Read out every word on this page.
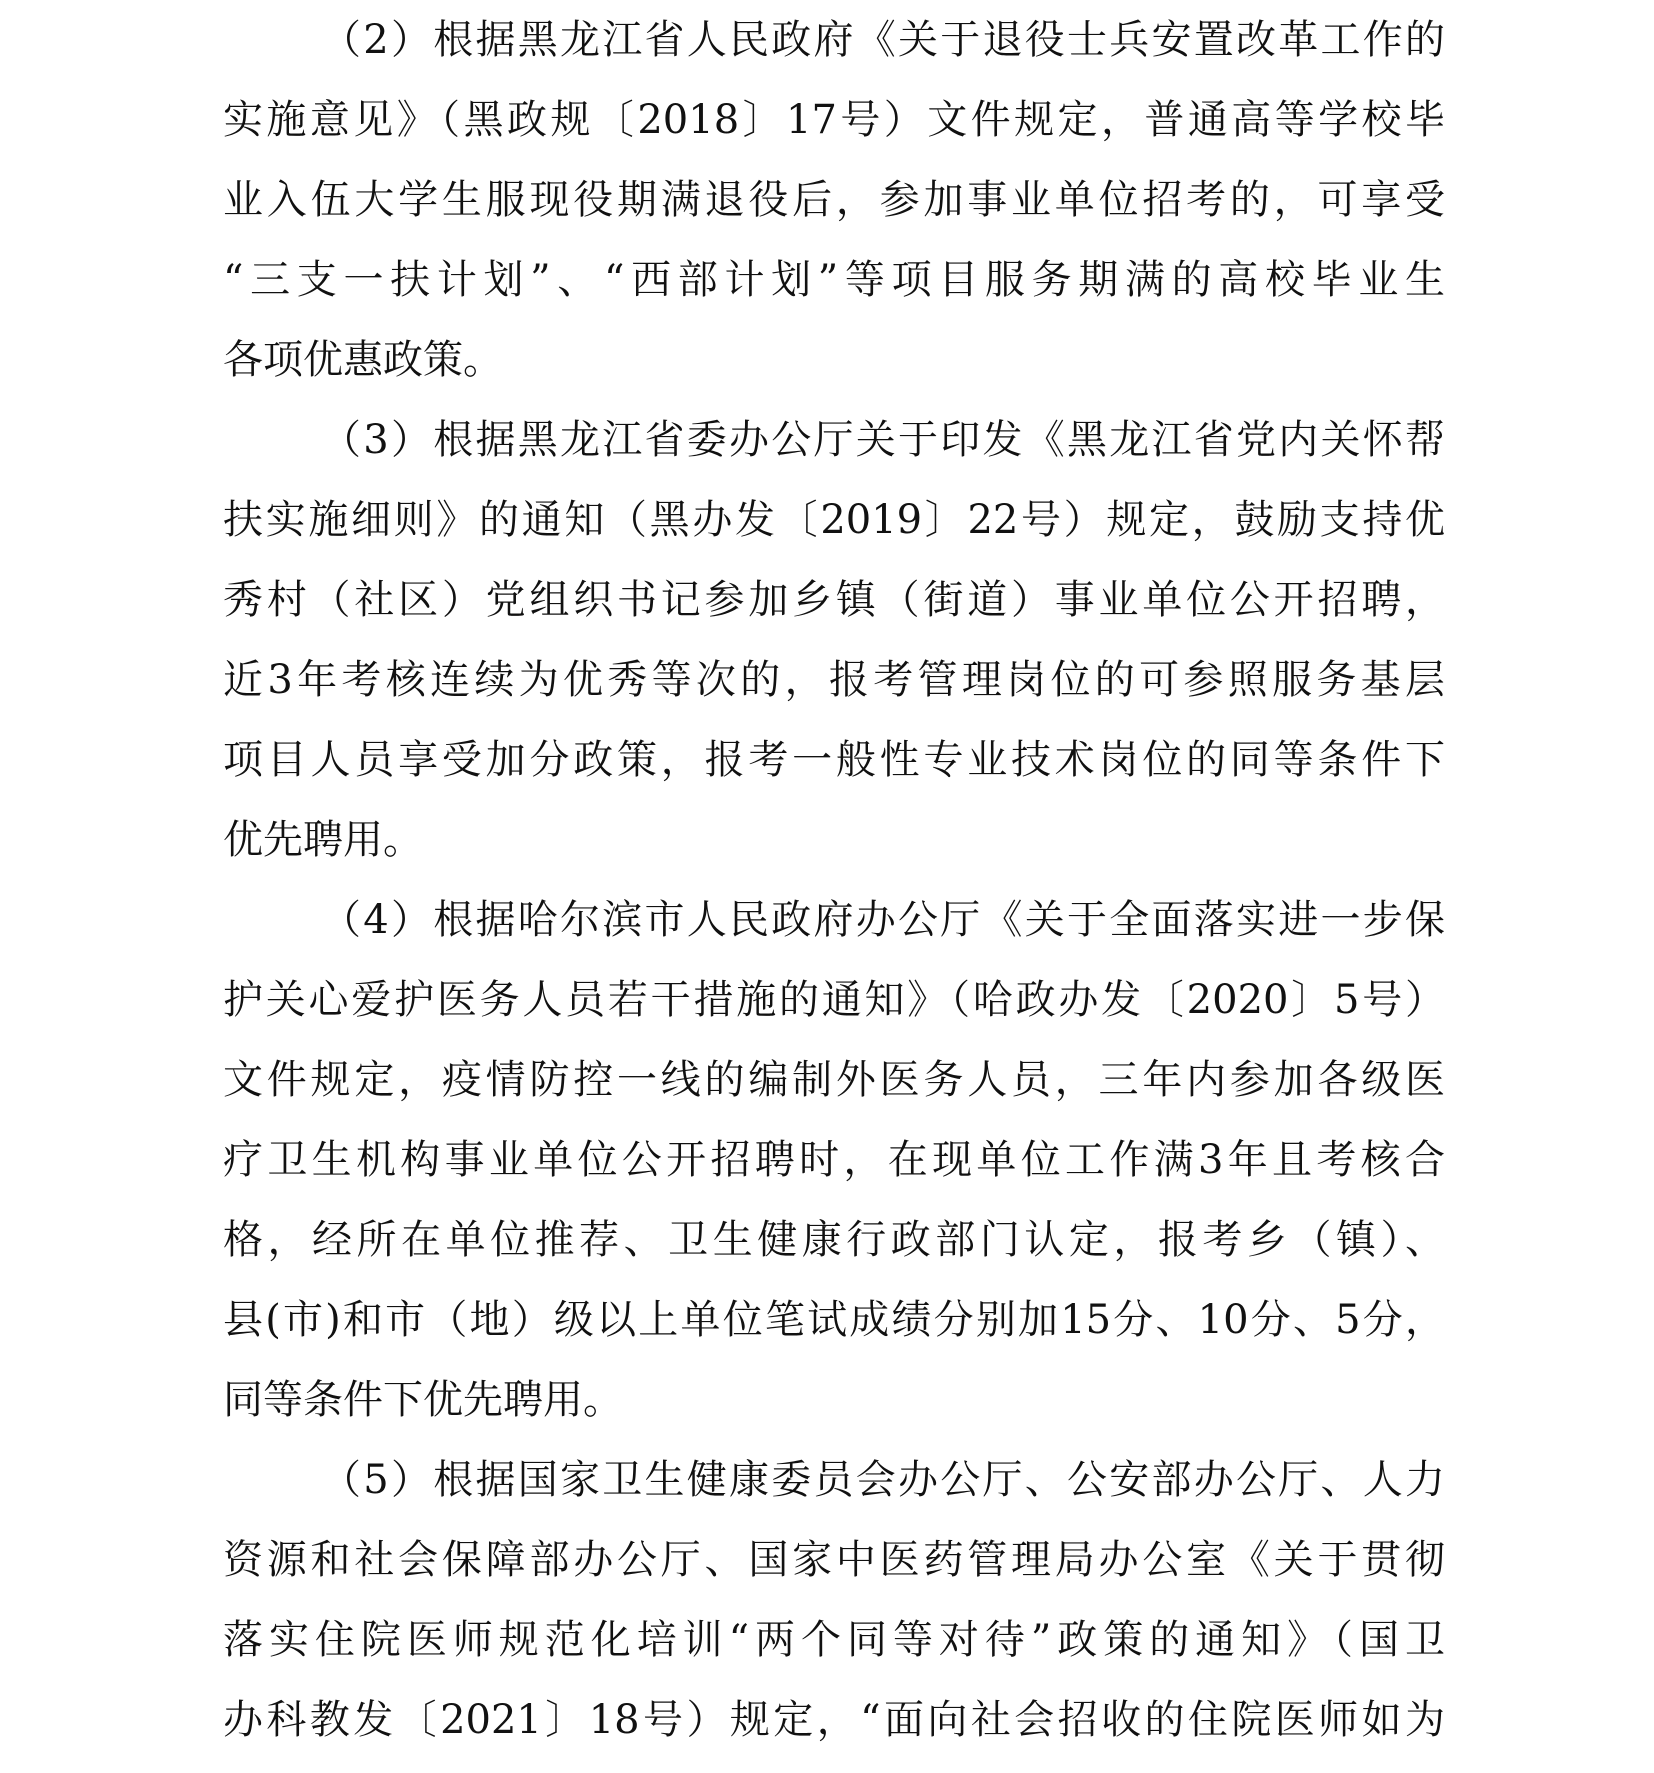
（2）根据黑龙江省人民政府《关于退役士兵安置改革工作的
实施意见》（黑政规〔2018〕17号）文件规定，普通高等学校毕
业入伍大学生服现役期满退役后，参加事业单位招考的，可享受
“三支一扶计划”、“西部计划”等项目服务期满的高校毕业生
各项优惠政策。
（3）根据黑龙江省委办公厅关于印发《黑龙江省党内关怀帮
扶实施细则》的通知（黑办发〔2019〕22号）规定，鼓励支持优
秀村（社区）党组织书记参加乡镇（街道）事业单位公开招聘，
近3年考核连续为优秀等次的，报考管理岗位的可参照服务基层
项目人员享受加分政策，报考一般性专业技术岗位的同等条件下
优先聘用。
（4）根据哈尔滨市人民政府办公厅《关于全面落实进一步保
护关心爱护医务人员若干措施的通知》（哈政办发〔2020〕5号）
文件规定，疫情防控一线的编制外医务人员，三年内参加各级医
疗卫生机构事业单位公开招聘时，在现单位工作满3年且考核合
格，经所在单位推荐、卫生健康行政部门认定，报考乡（镇）、
县(市)和市（地）级以上单位笔试成绩分别加15分、10分、5分，
同等条件下优先聘用。
（5）根据国家卫生健康委员会办公厅、公安部办公厅、人力
资源和社会保障部办公厅、国家中医药管理局办公室《关于贯彻
落实住院医师规范化培训“两个同等对待”政策的通知》（国卫
办科教发〔2021〕18号）规定，“面向社会招收的住院医师如为
